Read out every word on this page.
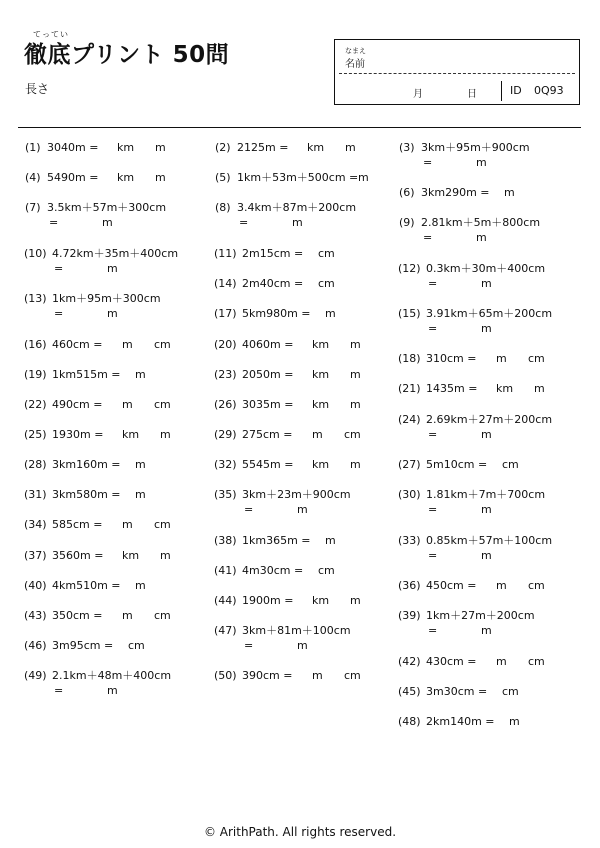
てってい
徹底プリント 50問
長さ
なまえ
名前
月	日	ID 0Q93
(1) 3040m = km m
(4) 5490m = km m
(7) 3.5km＋57m＋300cm
=	m
(10) 4.72km＋35m＋400cm
=	m
(13) 1km＋95m＋300cm
=	m
(16) 460cm = m cm
(19) 1km515m = m
(22) 490cm = m cm
(25) 1930m = km m
(28) 3km160m = m
(31) 3km580m = m
(34) 585cm = m cm
(37) 3560m = km m
(40) 4km510m = m
(43) 350cm = m cm
(46) 3m95cm = cm
(49) 2.1km＋48m＋400cm
=	m
(2) 2125m = km m
(5) 1km＋53m＋500cm = m
(8) 3.4km＋87m＋200cm
=	m
(11) 2m15cm = cm
(14) 2m40cm = cm
(17) 5km980m = m
(20) 4060m = km m
(23) 2050m = km m
(26) 3035m = km m
(29) 275cm = m cm
(32) 5545m = km m
(35) 3km＋23m＋900cm
=	m
(38) 1km365m = m
(41) 4m30cm = cm
(44) 1900m = km m
(47) 3km＋81m＋100cm
=	m
(50) 390cm = m cm
(3) 3km＋95m＋900cm
=	m
(6) 3km290m = m
(9) 2.81km＋5m＋800cm
=	m
(12) 0.3km＋30m＋400cm
=	m
(15) 3.91km＋65m＋200cm
=	m
(18) 310cm = m cm
(21) 1435m = km m
(24) 2.69km＋27m＋200cm
=	m
(27) 5m10cm = cm
(30) 1.81km＋7m＋700cm
=	m
(33) 0.85km＋57m＋100cm
=	m
(36) 450cm = m cm
(39) 1km＋27m＋200cm
=	m
(42) 430cm = m cm
(45) 3m30cm = cm
(48) 2km140m = m
© ArithPath. All rights reserved.
